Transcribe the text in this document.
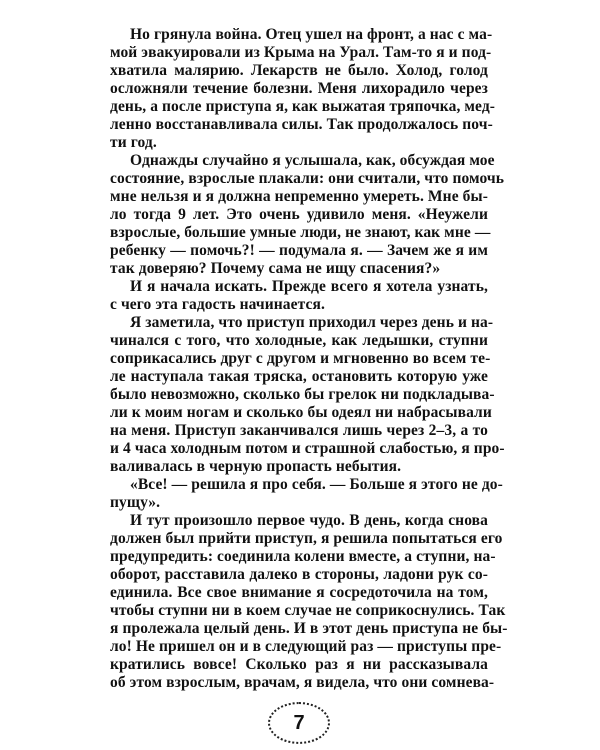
Но грянула война. Отец ушел на фронт, а нас с ма-
мой эвакуировали из Крыма на Урал. Там-то я и под-
хватила малярию. Лекарств не было. Холод, голод
осложняли течение болезни. Меня лихорадило через
день, а после приступа я, как выжатая тряпочка, мед-
ленно восстанавливала силы. Так продолжалось поч-
ти год.
Однажды случайно я услышала, как, обсуждая мое
состояние, взрослые плакали: они считали, что помочь
мне нельзя и я должна непременно умереть. Мне бы-
ло тогда 9 лет. Это очень удивило меня. «Неужели
взрослые, большие умные люди, не знают, как мне —
ребенку — помочь?! — подумала я. — Зачем же я им
так доверяю? Почему сама не ищу спасения?»
И я начала искать. Прежде всего я хотела узнать,
с чего эта гадость начинается.
Я заметила, что приступ приходил через день и на-
чинался с того, что холодные, как ледышки, ступни
соприкасались друг с другом и мгновенно во всем те-
ле наступала такая тряска, остановить которую уже
было невозможно, сколько бы грелок ни подкладыва-
ли к моим ногам и сколько бы одеял ни набрасывали
на меня. Приступ заканчивался лишь через 2–3, а то
и 4 часа холодным потом и страшной слабостью, я про-
валивалась в черную пропасть небытия.
«Все! — решила я про себя. — Больше я этого не до-
пущу».
И тут произошло первое чудо. В день, когда снова
должен был прийти приступ, я решила попытаться его
предупредить: соединила колени вместе, а ступни, на-
оборот, расставила далеко в стороны, ладони рук со-
единила. Все свое внимание я сосредоточила на том,
чтобы ступни ни в коем случае не соприкоснулись. Так
я пролежала целый день. И в этот день приступа не бы-
ло! Не пришел он и в следующий раз — приступы пре-
кратились вовсе! Сколько раз я ни рассказывала
об этом взрослым, врачам, я видела, что они сомнева-
7
